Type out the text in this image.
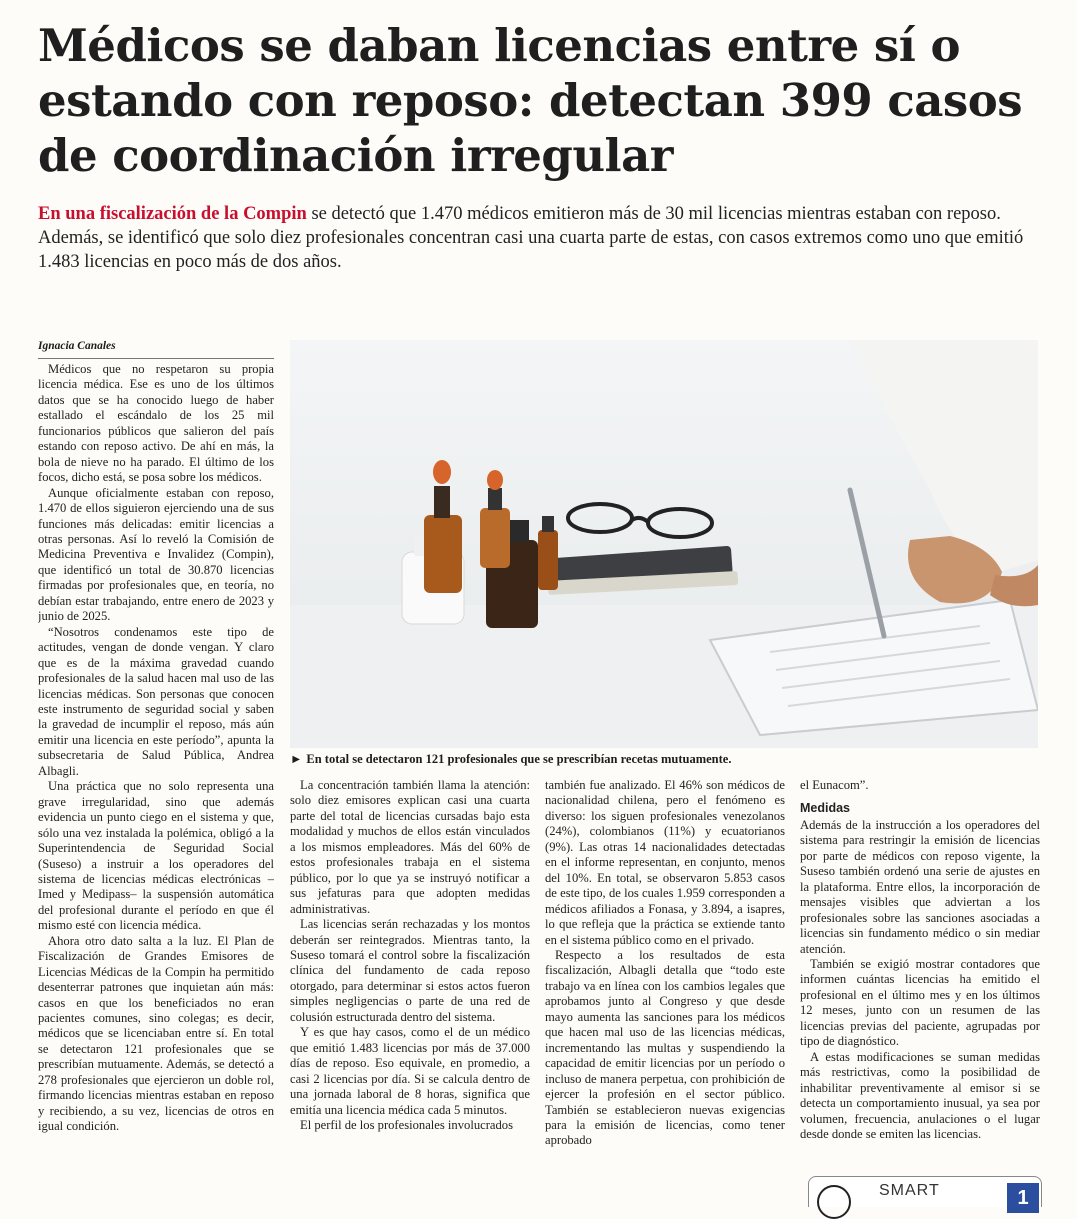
Médicos se daban licencias entre sí o estando con reposo: detectan 399 casos de coordinación irregular

En una fiscalización de la Compin se detectó que 1.470 médicos emitieron más de 30 mil licencias mientras estaban con reposo. Además, se identificó que solo diez profesionales concentran casi una cuarta parte de estas, con casos extremos como uno que emitió 1.483 licencias en poco más de dos años.

Ignacia Canales

Médicos que no respetaron su propia licencia médica. Ese es uno de los últimos datos que se ha conocido luego de haber estallado el escándalo de los 25 mil funcionarios públicos que salieron del país estando con reposo activo. De ahí en más, la bola de nieve no ha parado. El último de los focos, dicho está, se posa sobre los médicos.

Aunque oficialmente estaban con reposo, 1.470 de ellos siguieron ejerciendo una de sus funciones más delicadas: emitir licencias a otras personas. Así lo reveló la Comisión de Medicina Preventiva e Invalidez (Compin), que identificó un total de 30.870 licencias firmadas por profesionales que, en teoría, no debían estar trabajando, entre enero de 2023 y junio de 2025.

“Nosotros condenamos este tipo de actitudes, vengan de donde vengan. Y claro que es de la máxima gravedad cuando profesionales de la salud hacen mal uso de las licencias médicas. Son personas que conocen este instrumento de seguridad social y saben la gravedad de incumplir el reposo, más aún emitir una licencia en este período”, apunta la subsecretaria de Salud Pública, Andrea Albagli.

Una práctica que no solo representa una grave irregularidad, sino que además evidencia un punto ciego en el sistema y que, sólo una vez instalada la polémica, obligó a la Superintendencia de Seguridad Social (Suseso) a instruir a los operadores del sistema de licencias médicas electrónicas –Imed y Medipass– la suspensión automática del profesional durante el período en que él mismo esté con licencia médica.

Ahora otro dato salta a la luz. El Plan de Fiscalización de Grandes Emisores de Licencias Médicas de la Compin ha permitido desenterrar patrones que inquietan aún más: casos en que los beneficiados no eran pacientes comunes, sino colegas; es decir, médicos que se licenciaban entre sí. En total se detectaron 121 profesionales que se prescribían mutuamente. Además, se detectó a 278 profesionales que ejercieron un doble rol, firmando licencias mientras estaban en reposo y recibiendo, a su vez, licencias de otros en igual condición.

► En total se detectaron 121 profesionales que se prescribían recetas mutuamente.

La concentración también llama la atención: solo diez emisores explican casi una cuarta parte del total de licencias cursadas bajo esta modalidad y muchos de ellos están vinculados a los mismos empleadores. Más del 60% de estos profesionales trabaja en el sistema público, por lo que ya se instruyó notificar a sus jefaturas para que adopten medidas administrativas.

Las licencias serán rechazadas y los montos deberán ser reintegrados. Mientras tanto, la Suseso tomará el control sobre la fiscalización clínica del fundamento de cada reposo otorgado, para determinar si estos actos fueron simples negligencias o parte de una red de colusión estructurada dentro del sistema.

Y es que hay casos, como el de un médico que emitió 1.483 licencias por más de 37.000 días de reposo. Eso equivale, en promedio, a casi 2 licencias por día. Si se calcula dentro de una jornada laboral de 8 horas, significa que emitía una licencia médica cada 5 minutos.

El perfil de los profesionales involucrados

también fue analizado. El 46% son médicos de nacionalidad chilena, pero el fenómeno es diverso: los siguen profesionales venezolanos (24%), colombianos (11%) y ecuatorianos (9%). Las otras 14 nacionalidades detectadas en el informe representan, en conjunto, menos del 10%. En total, se observaron 5.853 casos de este tipo, de los cuales 1.959 corresponden a médicos afiliados a Fonasa, y 3.894, a isapres, lo que refleja que la práctica se extiende tanto en el sistema público como en el privado.

Respecto a los resultados de esta fiscalización, Albagli detalla que “todo este trabajo va en línea con los cambios legales que aprobamos junto al Congreso y que desde mayo aumenta las sanciones para los médicos que hacen mal uso de las licencias médicas, incrementando las multas y suspendiendo la capacidad de emitir licencias por un período o incluso de manera perpetua, con prohibición de ejercer la profesión en el sector público. También se establecieron nuevas exigencias para la emisión de licencias, como tener aprobado

el Eunacom”.

Medidas

Además de la instrucción a los operadores del sistema para restringir la emisión de licencias por parte de médicos con reposo vigente, la Suseso también ordenó una serie de ajustes en la plataforma. Entre ellos, la incorporación de mensajes visibles que adviertan a los profesionales sobre las sanciones asociadas a licencias sin fundamento médico o sin mediar atención.

También se exigió mostrar contadores que informen cuántas licencias ha emitido el profesional en el último mes y en los últimos 12 meses, junto con un resumen de las licencias previas del paciente, agrupadas por tipo de diagnóstico.

A estas modificaciones se suman medidas más restrictivas, como la posibilidad de inhabilitar preventivamente al emisor si se detecta un comportamiento inusual, ya sea por volumen, frecuencia, anulaciones o el lugar desde donde se emiten las licencias.

SMART	1
